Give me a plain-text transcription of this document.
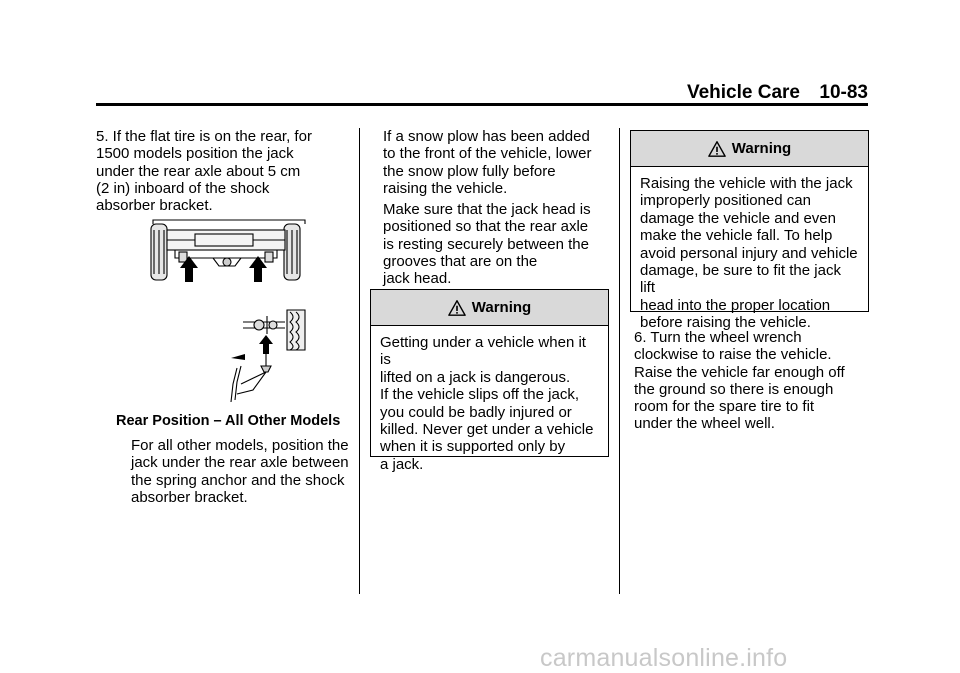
Vehicle Care 10-83
5. If the flat tire is on the rear, for
1500 models position the jack
under the rear axle about 5 cm
(2 in) inboard of the shock
absorber bracket.
Rear Position – All Other Models
For all other models, position the
jack under the rear axle between
the spring anchor and the shock
absorber bracket.
If a snow plow has been added
to the front of the vehicle, lower
the snow plow fully before
raising the vehicle.
Make sure that the jack head is
positioned so that the rear axle
is resting securely between the
grooves that are on the
jack head.
Warning
Getting under a vehicle when it is
lifted on a jack is dangerous.
If the vehicle slips off the jack,
you could be badly injured or
killed. Never get under a vehicle
when it is supported only by
a jack.
Warning
Raising the vehicle with the jack
improperly positioned can
damage the vehicle and even
make the vehicle fall. To help
avoid personal injury and vehicle
damage, be sure to fit the jack lift
head into the proper location
before raising the vehicle.
6. Turn the wheel wrench
clockwise to raise the vehicle.
Raise the vehicle far enough off
the ground so there is enough
room for the spare tire to fit
under the wheel well.
carmanualsonline.info
